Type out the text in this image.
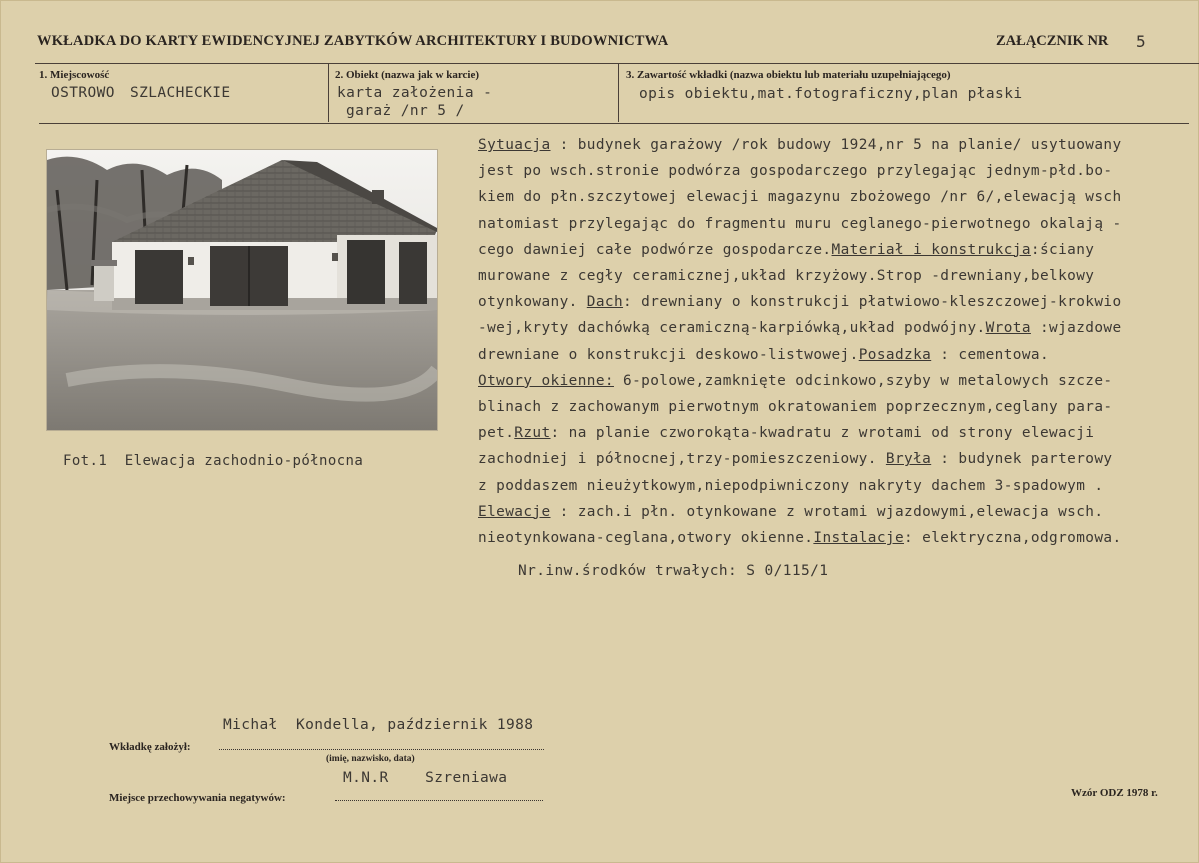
WKŁADKA DO KARTY EWIDENCYJNEJ ZABYTKÓW ARCHITEKTURY I BUDOWNICTWA	ZAŁĄCZNIK NR 5
1. Miejscowość
OSTROWO SZLACHECKIE
2. Obiekt (nazwa jak w karcie)
karta założenia -
garaż /nr 5 /
3. Zawartość wkładki (nazwa obiektu lub materiału uzupełniającego)
opis obiektu,mat.fotograficzny,plan płaski
Fot.1  Elewacja zachodnio-północna
Sytuacja : budynek garażowy /rok budowy 1924,nr 5 na planie/ usytuowany
jest po wsch.stronie podwórza gospodarczego przylegając jednym-płd.bo-
kiem do płn.szczytowej elewacji magazynu zbożowego /nr 6/,elewacją wsch
natomiast przylegając do fragmentu muru ceglanego-pierwotnego okalają -
cego dawniej całe podwórze gospodarcze.Materiał i konstrukcja:ściany
murowane z cegły ceramicznej,układ krzyżowy.Strop -drewniany,belkowy
otynkowany. Dach: drewniany o konstrukcji płatwiowo-kleszczowej-krokwio
-wej,kryty dachówką ceramiczną-karpiówką,układ podwójny.Wrota :wjazdowe
drewniane o konstrukcji deskowo-listwowej.Posadzka : cementowa.
Otwory okienne: 6-polowe,zamknięte odcinkowo,szyby w metalowych szcze-
blinach z zachowanym pierwotnym okratowaniem poprzecznym,ceglany para-
pet.Rzut: na planie czworokąta-kwadratu z wrotami od strony elewacji
zachodniej i północnej,trzy-pomieszczeniowy. Bryła : budynek parterowy
z poddaszem nieużytkowym,niepodpiwniczony nakryty dachem 3-spadowym .
Elewacje : zach.i płn. otynkowane z wrotami wjazdowymi,elewacja wsch.
nieotynkowana-ceglana,otwory okienne.Instalacje: elektryczna,odgromowa.
Nr.inw.środków trwałych: S 0/115/1
Michał  Kondella, październik 1988
Wkładkę założył:
(imię, nazwisko, data)
M.N.R    Szreniawa
Miejsce przechowywania negatywów:	Wzór ODZ 1978 r.
